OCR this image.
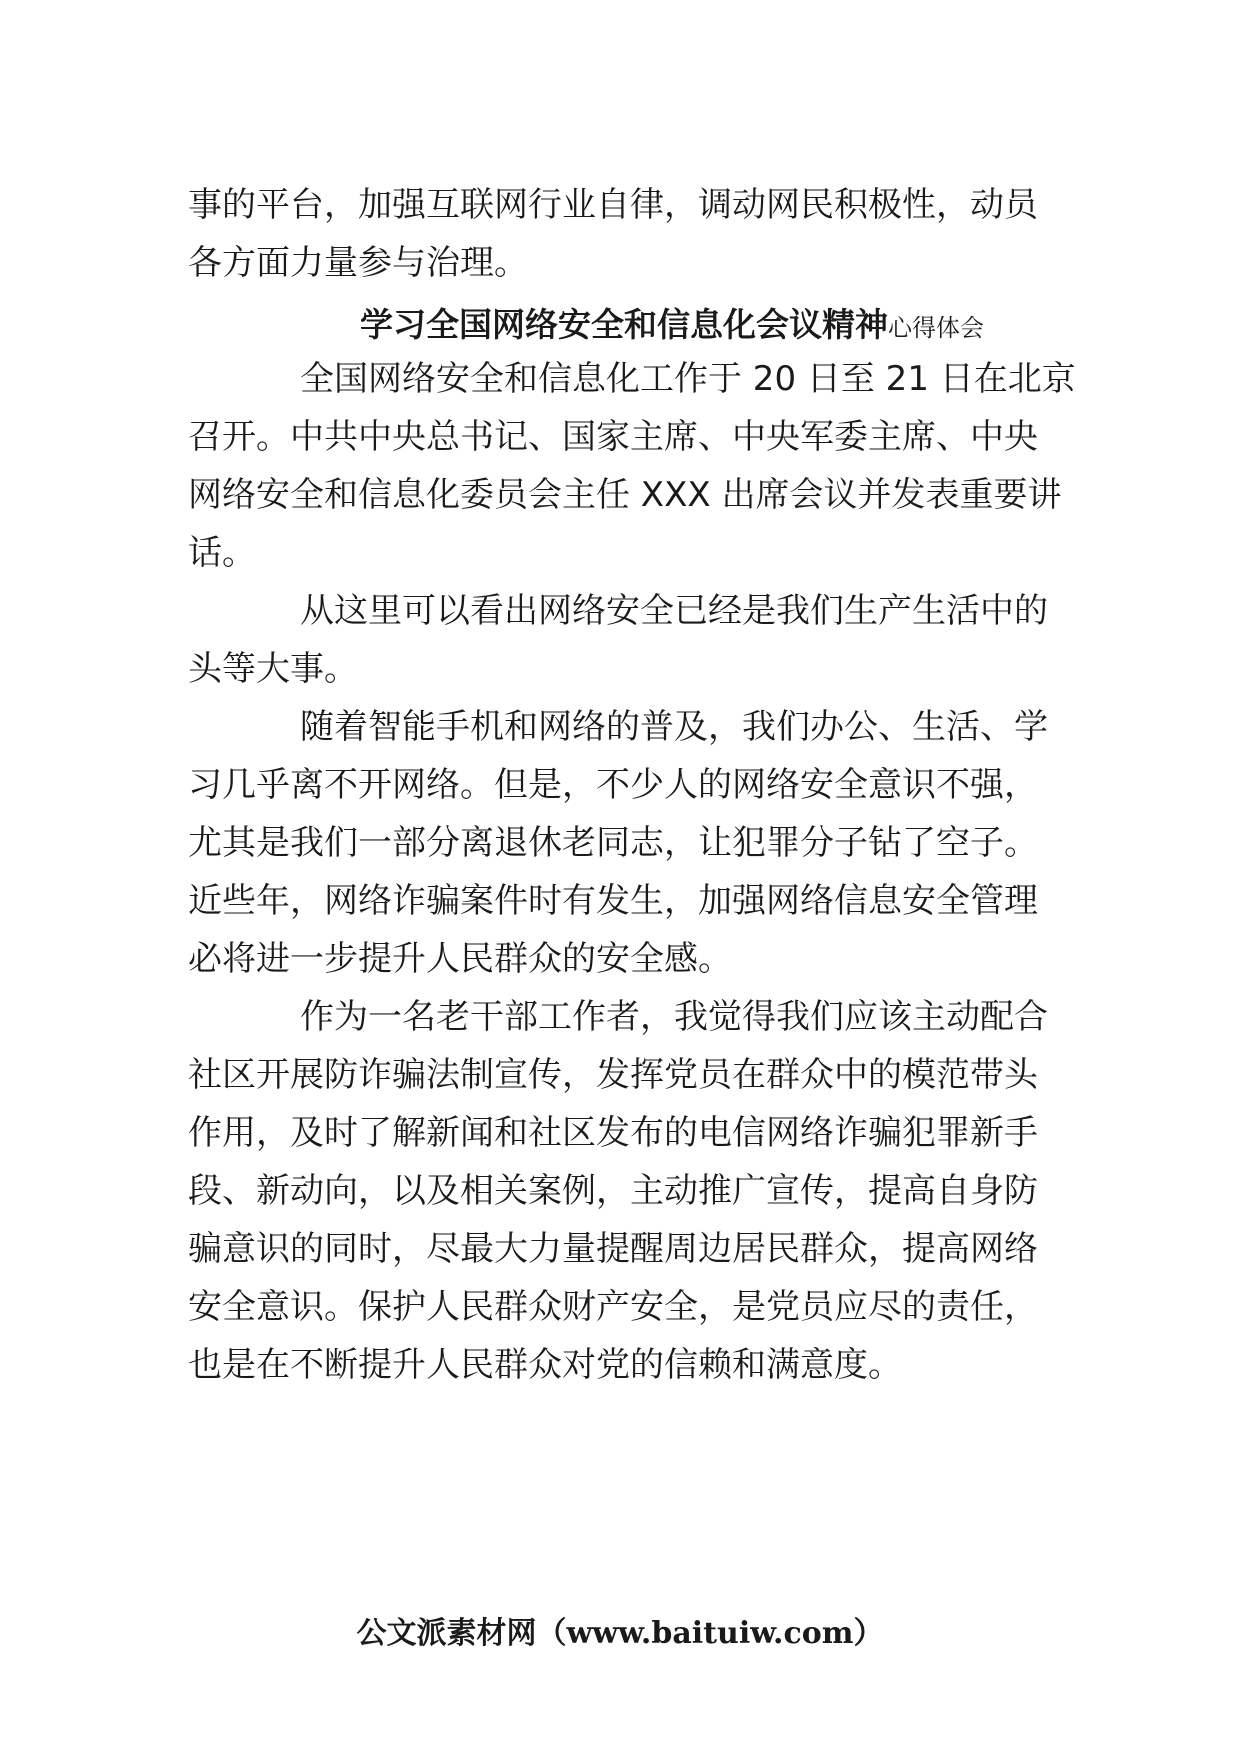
事的平台，加强互联网行业自律，调动网民积极性，动员
各方面力量参与治理。
学习全国网络安全和信息化会议精神心得体会
全国网络安全和信息化工作于 20 日至 21 日在北京
召开。中共中央总书记、国家主席、中央军委主席、中央
网络安全和信息化委员会主任 XXX 出席会议并发表重要讲
话。
从这里可以看出网络安全已经是我们生产生活中的
头等大事。
随着智能手机和网络的普及，我们办公、生活、学
习几乎离不开网络。但是，不少人的网络安全意识不强，
尤其是我们一部分离退休老同志，让犯罪分子钻了空子。
近些年，网络诈骗案件时有发生，加强网络信息安全管理
必将进一步提升人民群众的安全感。
作为一名老干部工作者，我觉得我们应该主动配合
社区开展防诈骗法制宣传，发挥党员在群众中的模范带头
作用，及时了解新闻和社区发布的电信网络诈骗犯罪新手
段、新动向，以及相关案例，主动推广宣传，提高自身防
骗意识的同时，尽最大力量提醒周边居民群众，提高网络
安全意识。保护人民群众财产安全，是党员应尽的责任，
也是在不断提升人民群众对党的信赖和满意度。
公文派素材网（www.baituiw.com）
